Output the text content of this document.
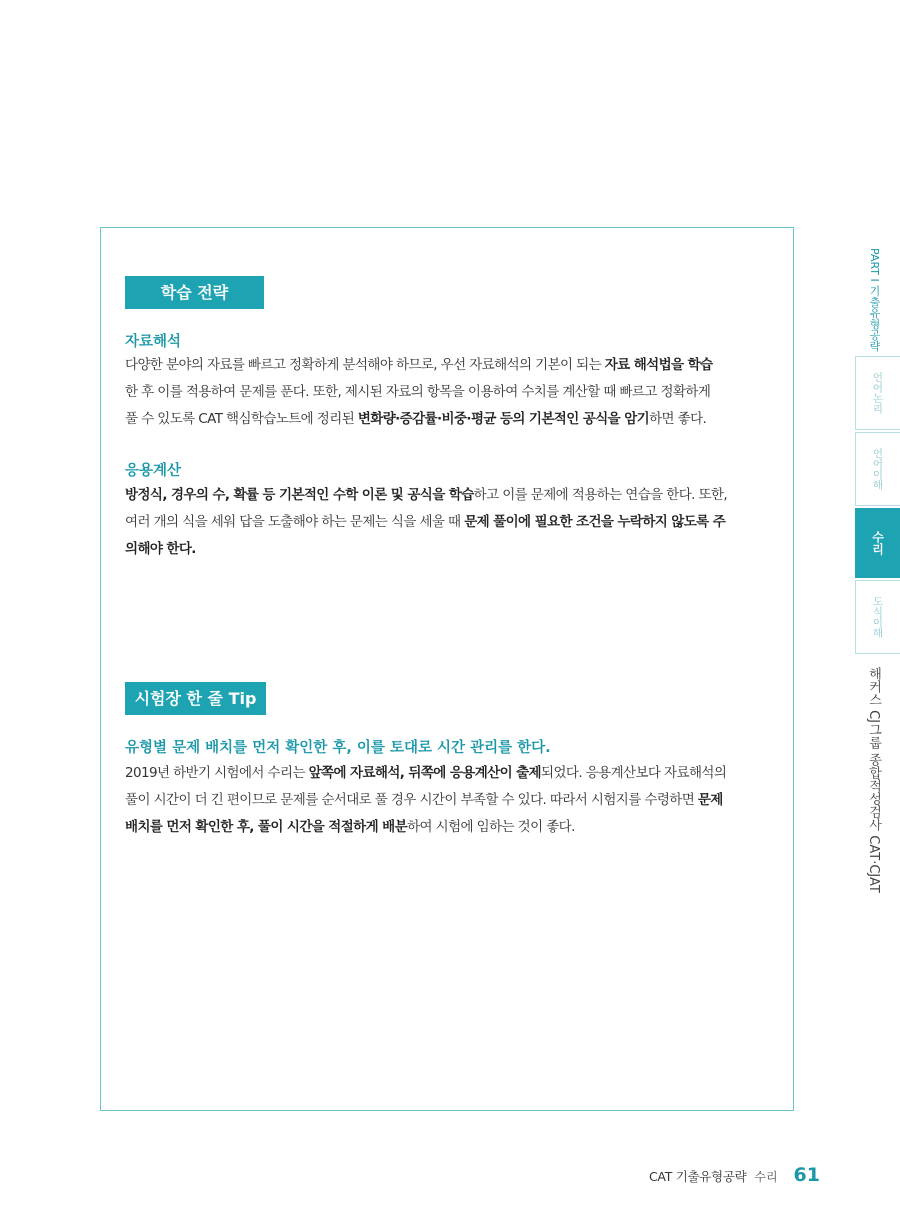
학습 전략

자료해석

다양한 분야의 자료를 빠르고 정확하게 분석해야 하므로, 우선 자료해석의 기본이 되는 자료 해석법을 학습
한 후 이를 적용하여 문제를 푼다. 또한, 제시된 자료의 항목을 이용하여 수치를 계산할 때 빠르고 정확하게
풀 수 있도록 CAT 핵심학습노트에 정리된 변화량·증감률·비중·평균 등의 기본적인 공식을 암기하면 좋다.

응용계산

방정식, 경우의 수, 확률 등 기본적인 수학 이론 및 공식을 학습하고 이를 문제에 적용하는 연습을 한다. 또한,
여러 개의 식을 세워 답을 도출해야 하는 문제는 식을 세울 때 문제 풀이에 필요한 조건을 누락하지 않도록 주
의해야 한다.

시험장 한 줄 Tip

유형별 문제 배치를 먼저 확인한 후, 이를 토대로 시간 관리를 한다.

2019년 하반기 시험에서 수리는 앞쪽에 자료해석, 뒤쪽에 응용계산이 출제되었다. 응용계산보다 자료해석의
풀이 시간이 더 긴 편이므로 문제를 순서대로 풀 경우 시간이 부족할 수 있다. 따라서 시험지를 수령하면 문제
배치를 먼저 확인한 후, 풀이 시간을 적절하게 배분하여 시험에 임하는 것이 좋다.

PART I 기출유형공략
언어논리
언어이해
수리
도식이해
해커스 CJ그룹 종합적성검사 CAT·CJAT
CAT 기출유형공략 수리 61
